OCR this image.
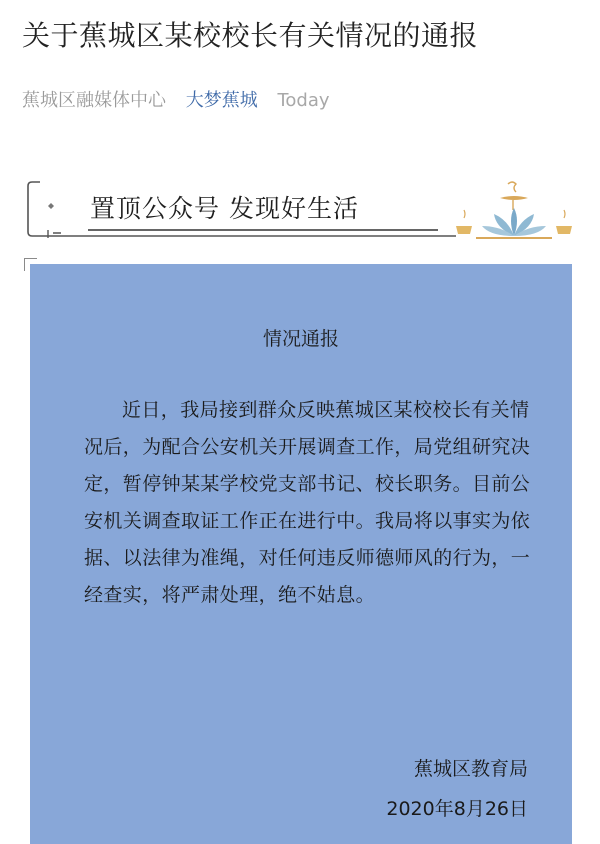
关于蕉城区某校校长有关情况的通报
蕉城区融媒体中心 大梦蕉城 Today
置顶公众号 发现好生活
情况通报
近日，我局接到群众反映蕉城区某校校长有关情
况后，为配合公安机关开展调查工作，局党组研究决
定，暂停钟某某学校党支部书记、校长职务。目前公
安机关调查取证工作正在进行中。我局将以事实为依
据、以法律为准绳，对任何违反师德师风的行为，一
经查实，将严肃处理，绝不姑息。
蕉城区教育局
2020年8月26日
